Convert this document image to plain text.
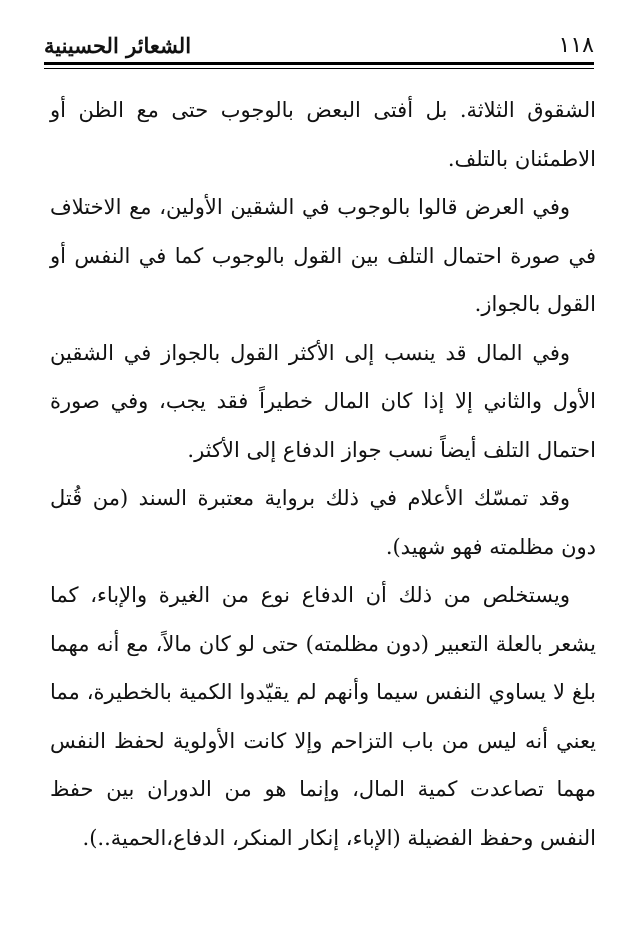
١١٨
الشعائر الحسينية

الشقوق الثلاثة. بل أفتى البعض بالوجوب حتى مع الظن أو الاطمئنان بالتلف.

وفي العرض قالوا بالوجوب في الشقين الأولين، مع الاختلاف في صورة احتمال التلف بين القول بالوجوب كما في النفس أو القول بالجواز.

وفي المال قد ينسب إلى الأكثر القول بالجواز في الشقين الأول والثاني إلا إذا كان المال خطيراً فقد يجب، وفي صورة احتمال التلف أيضاً نسب جواز الدفاع إلى الأكثر.

وقد تمسّك الأعلام في ذلك برواية معتبرة السند (من قُتل دون مظلمته فهو شهيد).

ويستخلص من ذلك أن الدفاع نوع من الغيرة والإباء، كما يشعر بالعلة التعبير (دون مظلمته) حتى لو كان مالاً، مع أنه مهما بلغ لا يساوي النفس سيما وأنهم لم يقيّدوا الكمية بالخطيرة، مما يعني أنه ليس من باب التزاحم وإلا كانت الأولوية لحفظ النفس مهما تصاعدت كمية المال، وإنما هو من الدوران بين حفظ النفس وحفظ الفضيلة (الإباء، إنكار المنكر، الدفاع،الحمية..).
